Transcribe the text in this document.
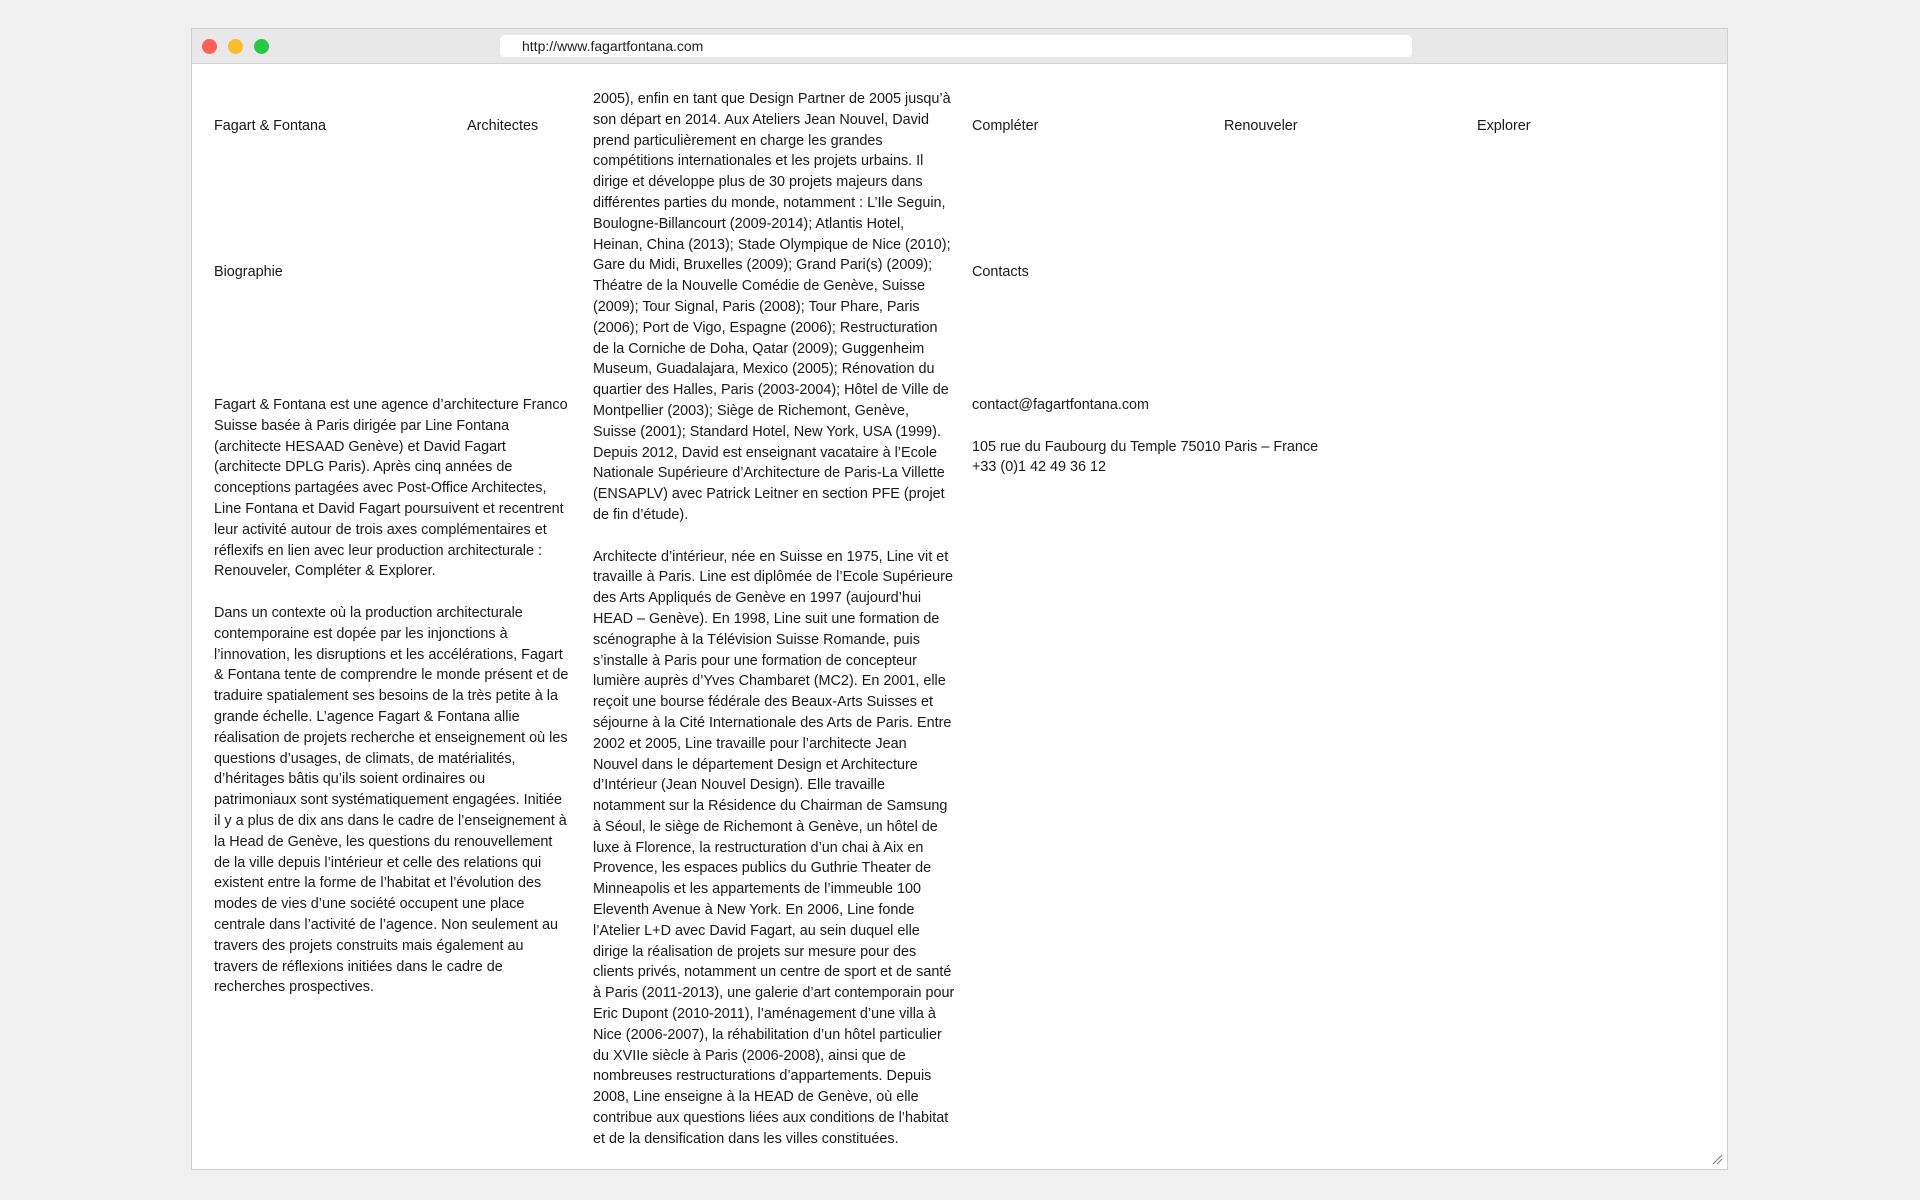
http://www.fagartfontana.com
Fagart & Fontana	Architectes	Compléter	Renouveler	Explorer
Biographie	Contacts

Fagart & Fontana est une agence d’architecture Franco Suisse basée à Paris dirigée par Line Fontana (architecte HESAAD Genève) et David Fagart (architecte DPLG Paris). Après cinq années de conceptions partagées avec Post-Office Architectes, Line Fontana et David Fagart poursuivent et recentrent leur activité autour de trois axes complémentaires et réflexifs en lien avec leur production architecturale : Renouveler, Compléter & Explorer.

Dans un contexte où la production architecturale contemporaine est dopée par les injonctions à l’innovation, les disruptions et les accélérations, Fagart & Fontana tente de comprendre le monde présent et de traduire spatialement ses besoins de la très petite à la grande échelle. L’agence Fagart & Fontana allie réalisation de projets recherche et enseignement où les questions d’usages, de climats, de matérialités, d’héritages bâtis qu’ils soient ordinaires ou patrimoniaux sont systématiquement engagées. Initiée il y a plus de dix ans dans le cadre de l’enseignement à la Head de Genève, les questions du renouvellement de la ville depuis l’intérieur et celle des relations qui existent entre la forme de l’habitat et l’évolution des modes de vies d’une société occupent une place centrale dans l’activité de l’agence. Non seulement au travers des projets construits mais également au travers de réflexions initiées dans le cadre de recherches prospectives.

2005), enfin en tant que Design Partner de 2005 jusqu’à son départ en 2014. Aux Ateliers Jean Nouvel, David prend particulièrement en charge les grandes compétitions internationales et les projets urbains. Il dirige et développe plus de 30 projets majeurs dans différentes parties du monde, notamment : L’Ile Seguin, Boulogne-Billancourt (2009-2014); Atlantis Hotel, Heinan, China (2013); Stade Olympique de Nice (2010); Gare du Midi, Bruxelles (2009); Grand Pari(s) (2009); Théatre de la Nouvelle Comédie de Genève, Suisse (2009); Tour Signal, Paris (2008); Tour Phare, Paris (2006); Port de Vigo, Espagne (2006); Restructuration de la Corniche de Doha, Qatar (2009); Guggenheim Museum, Guadalajara, Mexico (2005); Rénovation du quartier des Halles, Paris (2003-2004); Hôtel de Ville de Montpellier (2003); Siège de Richemont, Genève, Suisse (2001); Standard Hotel, New York, USA (1999). Depuis 2012, David est enseignant vacataire à l’Ecole Nationale Supérieure d’Architecture de Paris-La Villette (ENSAPLV) avec Patrick Leitner en section PFE (projet de fin d’étude).

Architecte d’intérieur, née en Suisse en 1975, Line vit et travaille à Paris. Line est diplômée de l’Ecole Supérieure des Arts Appliqués de Genève en 1997 (aujourd’hui HEAD – Genève). En 1998, Line suit une formation de scénographe à la Télévision Suisse Romande, puis s’installe à Paris pour une formation de concepteur lumière auprès d’Yves Chambaret (MC2). En 2001, elle reçoit une bourse fédérale des Beaux-Arts Suisses et séjourne à la Cité Internationale des Arts de Paris. Entre 2002 et 2005, Line travaille pour l’architecte Jean Nouvel dans le département Design et Architecture d’Intérieur (Jean Nouvel Design). Elle travaille notamment sur la Résidence du Chairman de Samsung à Séoul, le siège de Richemont à Genève, un hôtel de luxe à Florence, la restructuration d’un chai à Aix en Provence, les espaces publics du Guthrie Theater de Minneapolis et les appartements de l’immeuble 100 Eleventh Avenue à New York. En 2006, Line fonde l’Atelier L+D avec David Fagart, au sein duquel elle dirige la réalisation de projets sur mesure pour des clients privés, notamment un centre de sport et de santé à Paris (2011-2013), une galerie d’art contemporain pour Eric Dupont (2010-2011), l’aménagement d’une villa à Nice (2006-2007), la réhabilitation d’un hôtel particulier du XVIIe siècle à Paris (2006-2008), ainsi que de nombreuses restructurations d’appartements. Depuis 2008, Line enseigne à la HEAD de Genève, où elle contribue aux questions liées aux conditions de l’habitat et de la densification dans les villes constituées.

contact@fagartfontana.com
105 rue du Faubourg du Temple 75010 Paris – France
+33 (0)1 42 49 36 12
